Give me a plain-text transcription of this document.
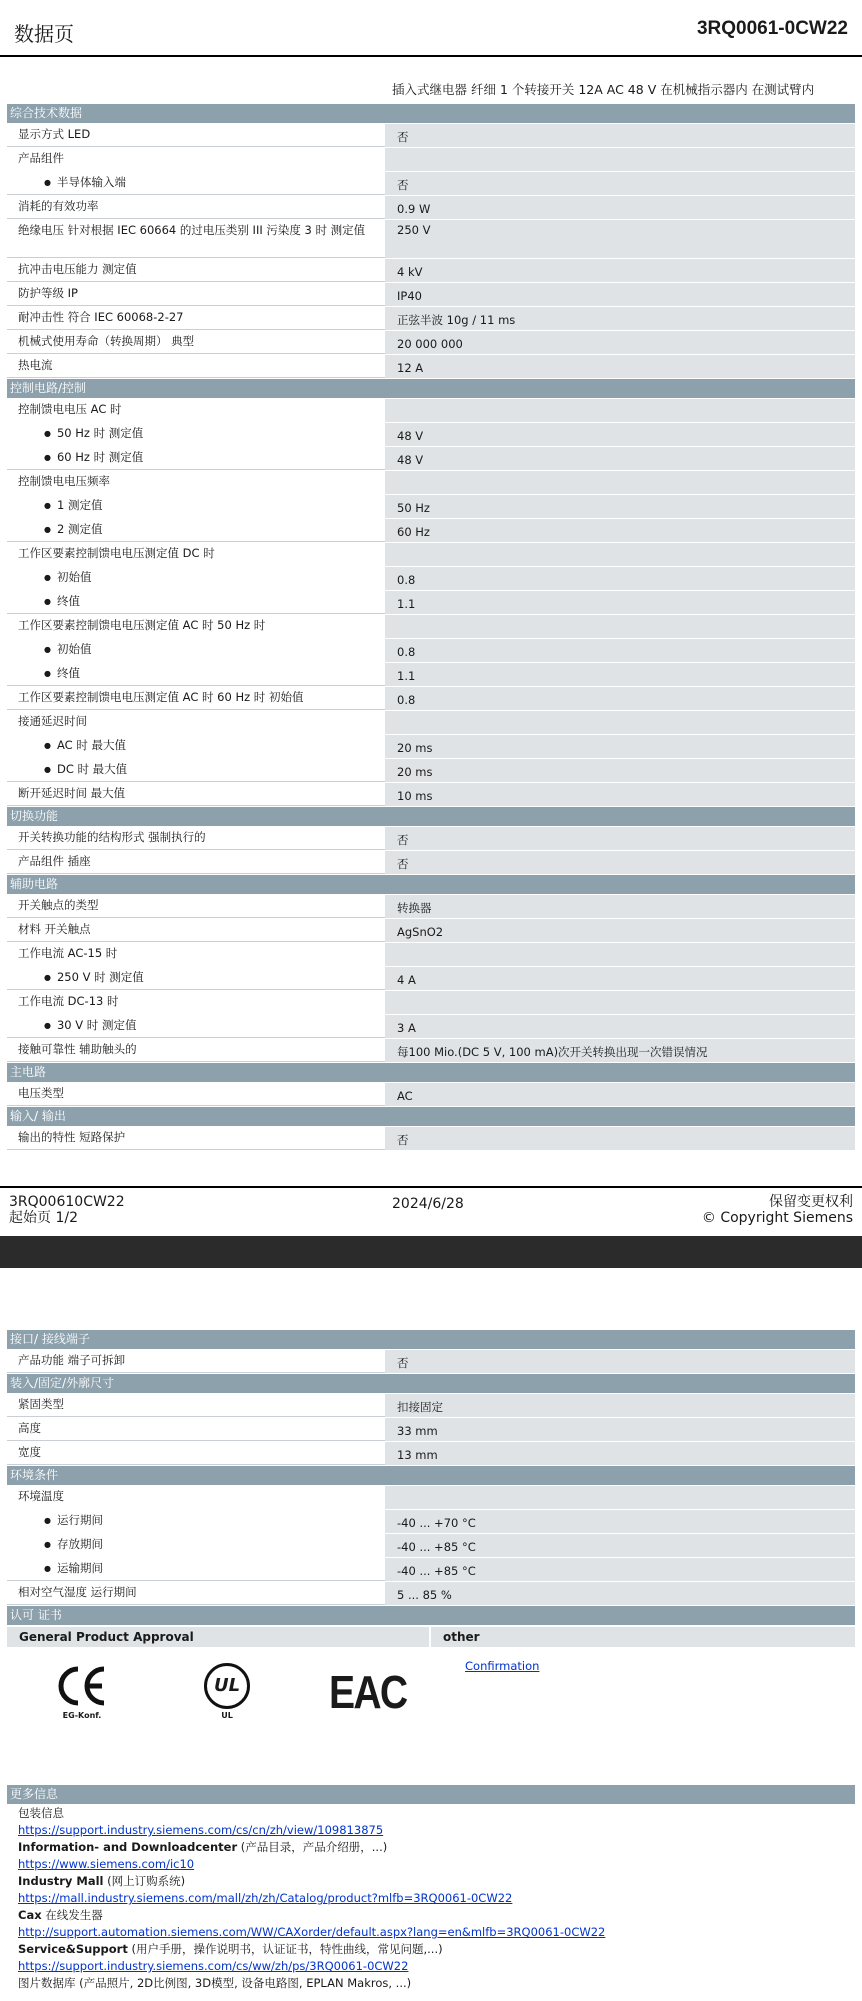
数据页	3RQ0061-0CW22
插入式继电器 纤细 1 个转接开关 12A AC 48 V 在机械指示器内 在测试臂内
综合技术数据
显示方式 LED	否
产品组件
● 半导体输入端	否
消耗的有效功率	0.9 W
绝缘电压 针对根据 IEC 60664 的过电压类别 III 污染度 3 时 测定值	250 V
抗冲击电压能力 测定值	4 kV
防护等级 IP	IP40
耐冲击性 符合 IEC 60068-2-27	正弦半波 10g / 11 ms
机械式使用寿命（转换周期） 典型	20 000 000
热电流	12 A
控制电路/控制
控制馈电电压 AC 时
● 50 Hz 时 测定值	48 V
● 60 Hz 时 测定值	48 V
控制馈电电压频率
● 1 测定值	50 Hz
● 2 测定值	60 Hz
工作区要素控制馈电电压测定值 DC 时
● 初始值	0.8
● 终值	1.1
工作区要素控制馈电电压测定值 AC 时 50 Hz 时
● 初始值	0.8
● 终值	1.1
工作区要素控制馈电电压测定值 AC 时 60 Hz 时 初始值	0.8
接通延迟时间
● AC 时 最大值	20 ms
● DC 时 最大值	20 ms
断开延迟时间 最大值	10 ms
切换功能
开关转换功能的结构形式 强制执行的	否
产品组件 插座	否
辅助电路
开关触点的类型	转换器
材料 开关触点	AgSnO2
工作电流 AC-15 时
● 250 V 时 测定值	4 A
工作电流 DC-13 时
● 30 V 时 测定值	3 A
接触可靠性 辅助触头的	每100 Mio.(DC 5 V, 100 mA)次开关转换出现一次错误情况
主电路
电压类型	AC
输入/ 输出
输出的特性 短路保护	否
3RQ00610CW22
起始页 1/2
2024/6/28	保留变更权利
© Copyright Siemens
接口/ 接线端子
产品功能 端子可拆卸	否
装入/固定/外廓尺寸
紧固类型	扣接固定
高度	33 mm
宽度	13 mm
环境条件
环境温度
● 运行期间	-40 ... +70 °C
● 存放期间	-40 ... +85 °C
● 运输期间	-40 ... +85 °C
相对空气湿度 运行期间	5 ... 85 %
认可 证书
General Product Approval	other
EG-Konf.
UL
UL	EAC	Confirmation
更多信息
包装信息
https://support.industry.siemens.com/cs/cn/zh/view/109813875
Information- and Downloadcenter (产品目录，产品介绍册，...)
https://www.siemens.com/ic10
Industry Mall (网上订购系统)
https://mall.industry.siemens.com/mall/zh/zh/Catalog/product?mlfb=3RQ0061-0CW22
Cax 在线发生器
http://support.automation.siemens.com/WW/CAXorder/default.aspx?lang=en&mlfb=3RQ0061-0CW22
Service&Support (用户手册，操作说明书，认证证书，特性曲线，常见问题,...)
https://support.industry.siemens.com/cs/ww/zh/ps/3RQ0061-0CW22
图片数据库 (产品照片, 2D比例图, 3D模型, 设备电路图, EPLAN Makros, ...)
